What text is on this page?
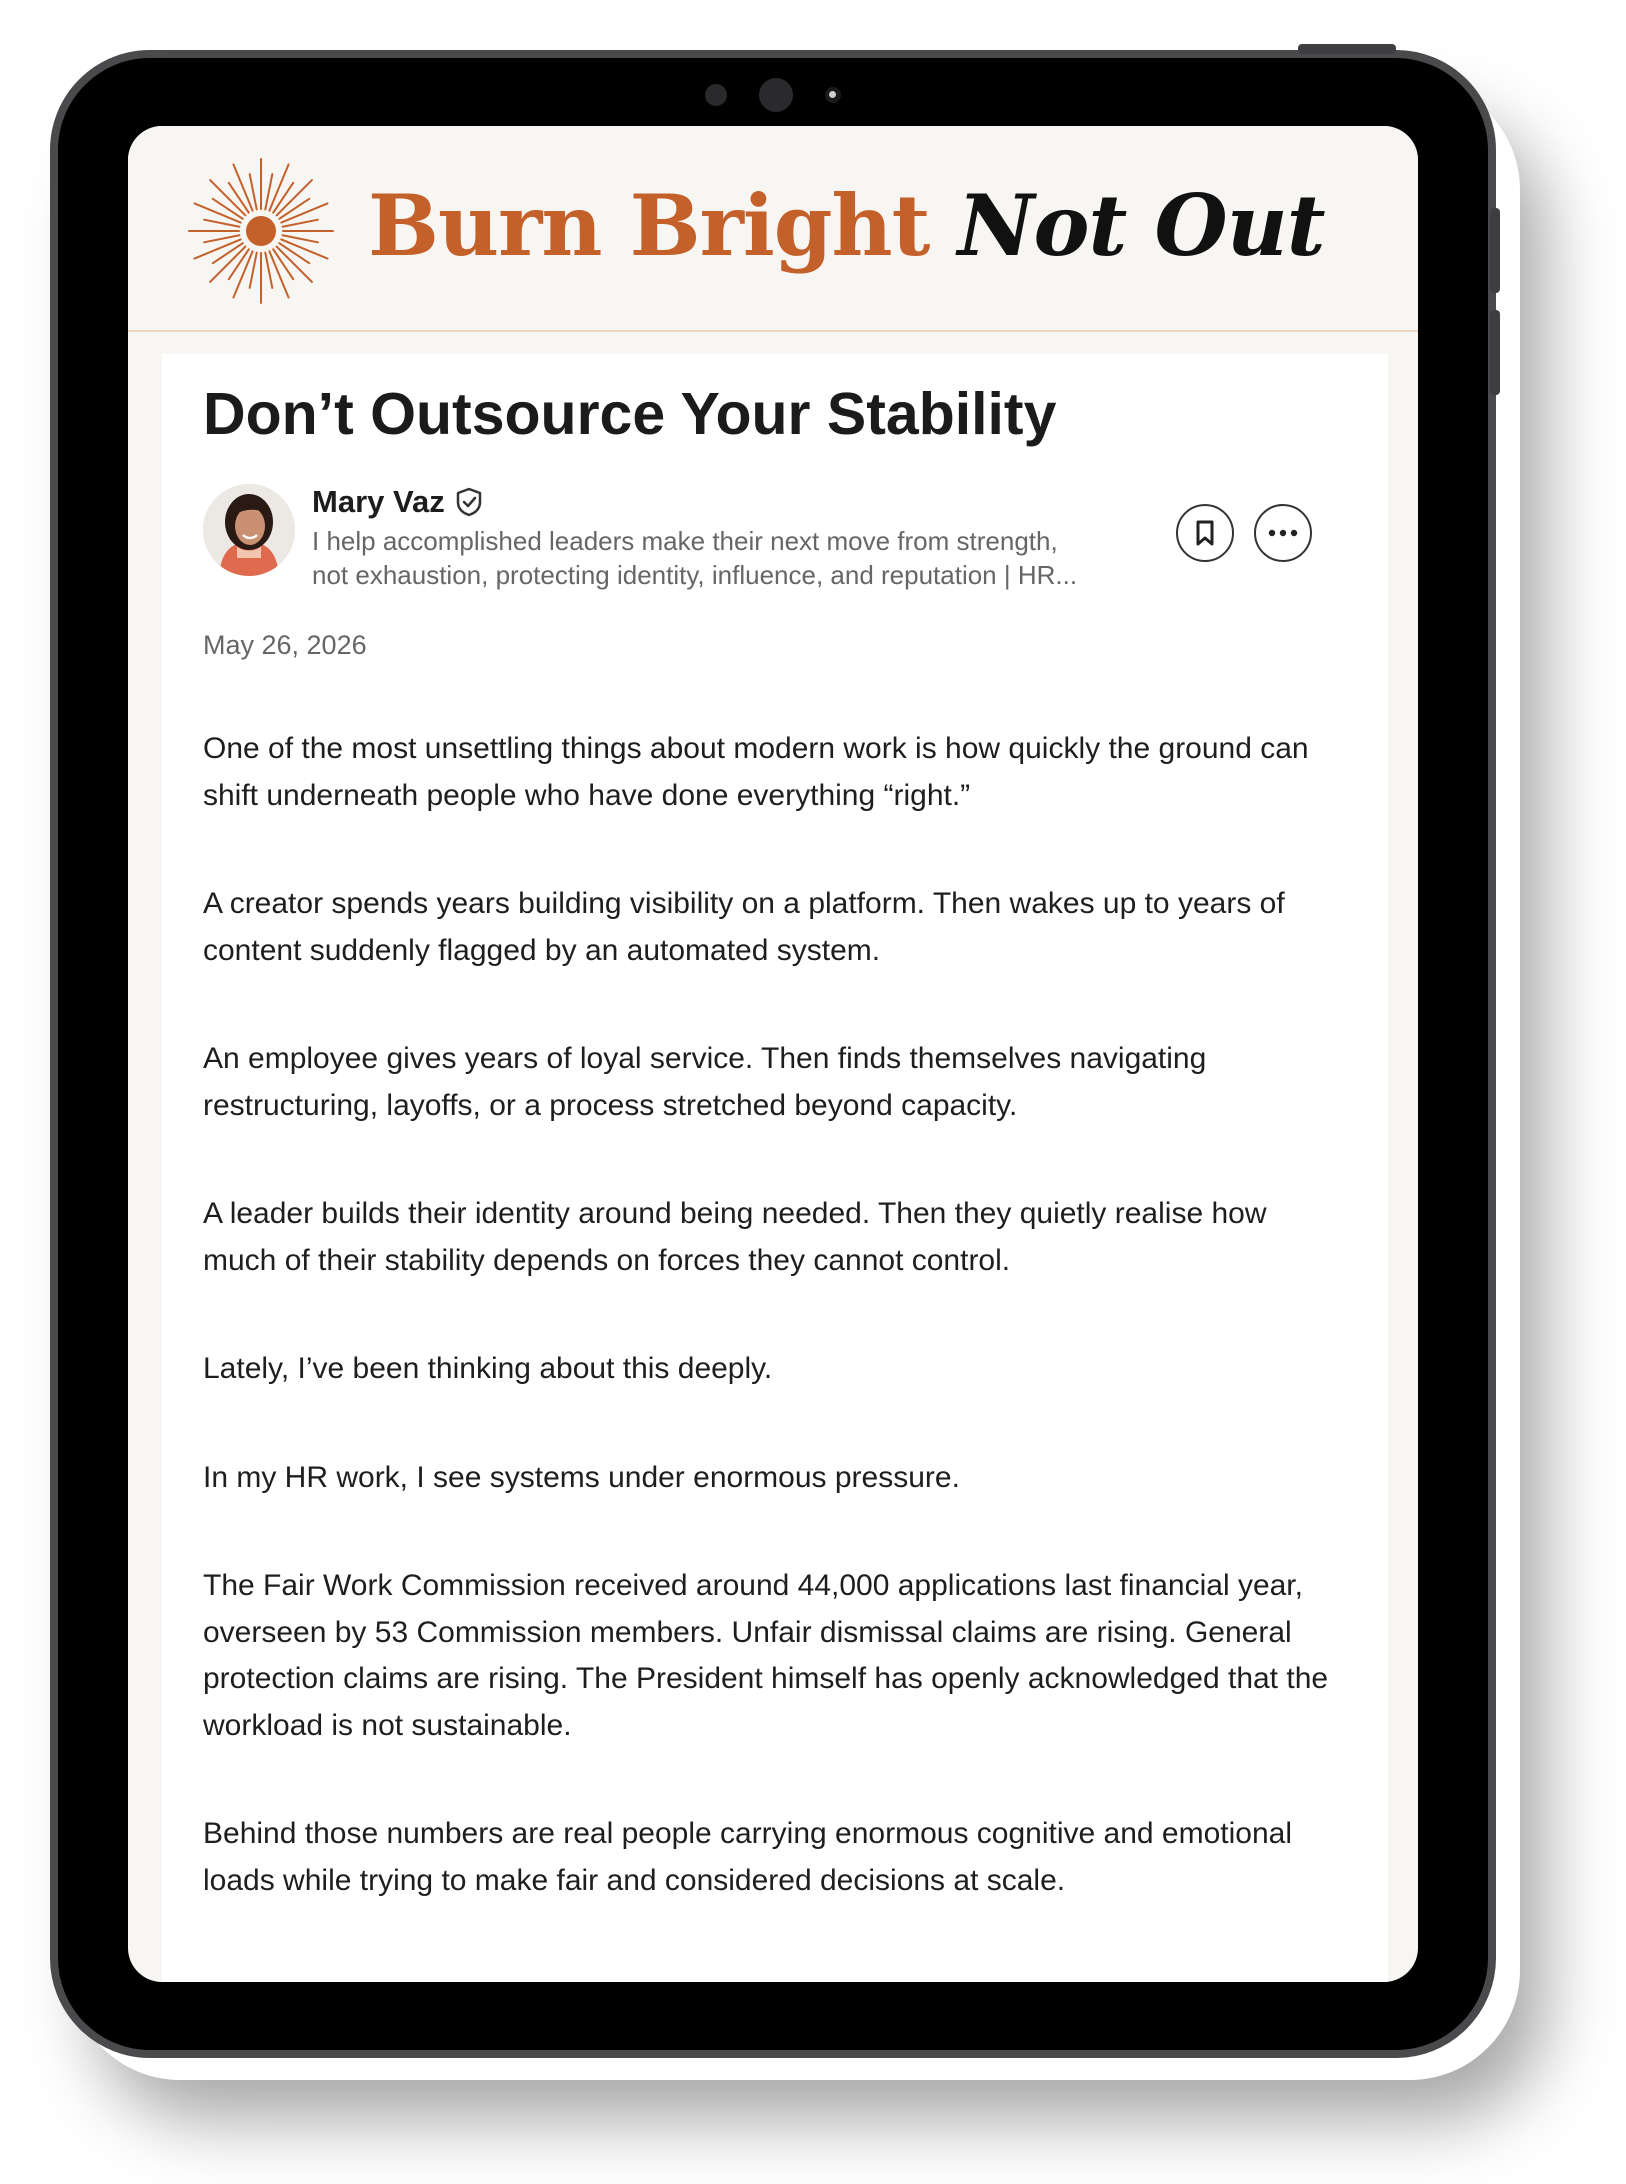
Burn Bright Not Out
Don’t Outsource Your Stability
Mary Vaz
I help accomplished leaders make their next move from strength,
not exhaustion, protecting identity, influence, and reputation | HR...
May 26, 2026

One of the most unsettling things about modern work is how quickly the ground can shift underneath people who have done everything “right.”

A creator spends years building visibility on a platform. Then wakes up to years of content suddenly flagged by an automated system.

An employee gives years of loyal service. Then finds themselves navigating restructuring, layoffs, or a process stretched beyond capacity.

A leader builds their identity around being needed. Then they quietly realise how much of their stability depends on forces they cannot control.

Lately, I’ve been thinking about this deeply.

In my HR work, I see systems under enormous pressure.

The Fair Work Commission received around 44,000 applications last financial year, overseen by 53 Commission members. Unfair dismissal claims are rising. General protection claims are rising. The President himself has openly acknowledged that the workload is not sustainable.

Behind those numbers are real people carrying enormous cognitive and emotional loads while trying to make fair and considered decisions at scale.
